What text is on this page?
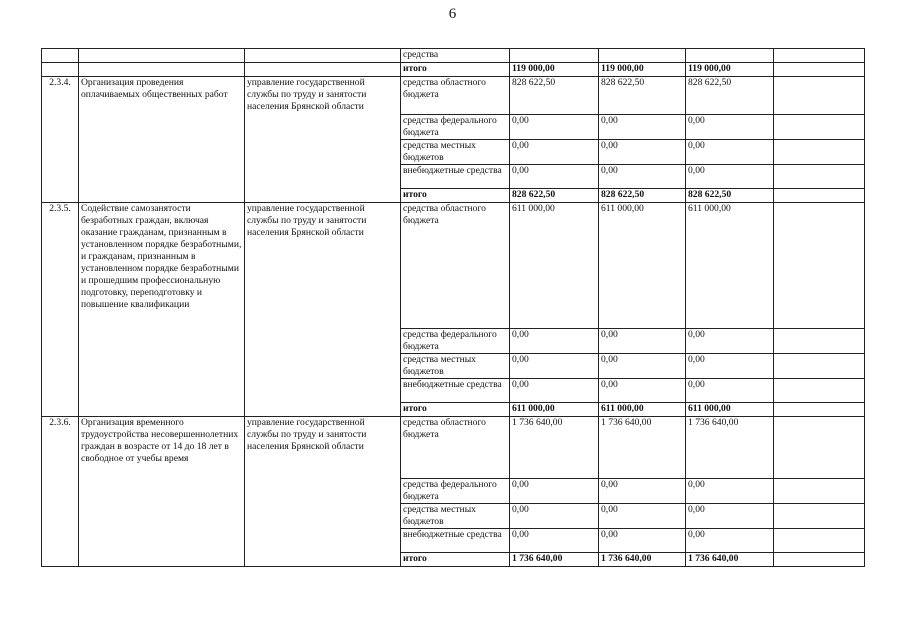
6
			средства				
			итого	119 000,00	119 000,00	119 000,00	
2.3.4.	Организация проведения оплачиваемых общественных работ	управление государственной службы по труду и занятости населения Брянской области	средства областного бюджета	828 622,50	828 622,50	828 622,50	
			средства федерального бюджета	0,00	0,00	0,00	
			средства местных бюджетов	0,00	0,00	0,00	
			внебюджетные средства	0,00	0,00	0,00	
			итого	828 622,50	828 622,50	828 622,50	
2.3.5.	Содействие самозанятости безработных граждан, включая оказание гражданам, признанным в установленном порядке безработными, и гражданам, признанным в установленном порядке безработными и прошедшим профессиональную подготовку, переподготовку и повышение квалификации	управление государственной службы по труду и занятости населения Брянской области	средства областного бюджета	611 000,00	611 000,00	611 000,00	
			средства федерального бюджета	0,00	0,00	0,00	
			средства местных бюджетов	0,00	0,00	0,00	
			внебюджетные средства	0,00	0,00	0,00	
			итого	611 000,00	611 000,00	611 000,00	
2.3.6.	Организация временного трудоустройства несовершеннолетних граждан в возрасте от 14 до 18 лет в свободное от учебы время	управление государственной службы по труду и занятости населения Брянской области	средства областного бюджета	1 736 640,00	1 736 640,00	1 736 640,00	
			средства федерального бюджета	0,00	0,00	0,00	
			средства местных бюджетов	0,00	0,00	0,00	
			внебюджетные средства	0,00	0,00	0,00	
			итого	1 736 640,00	1 736 640,00	1 736 640,00	
